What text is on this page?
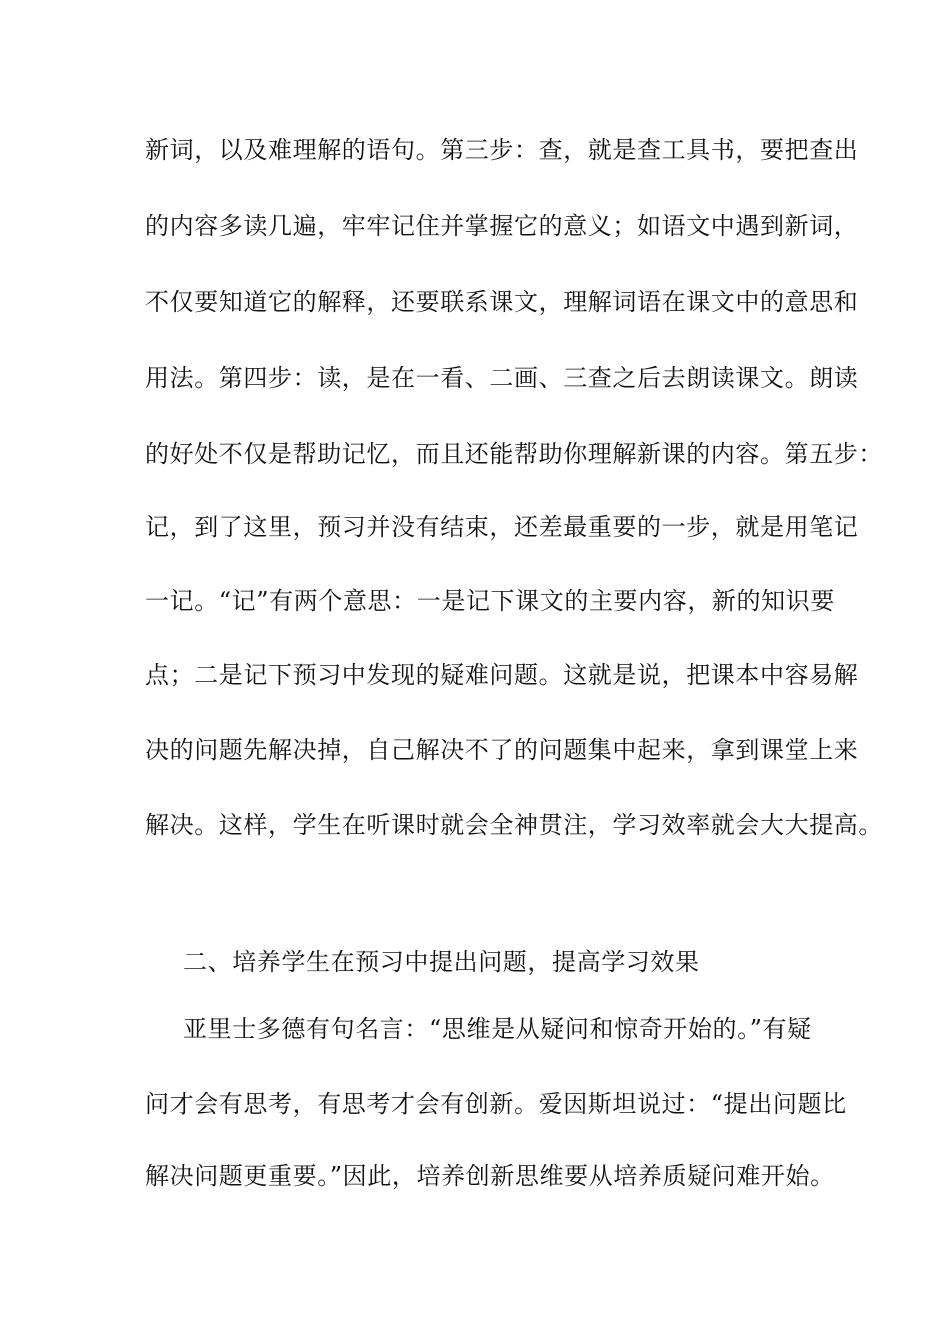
新词，以及难理解的语句。第三步：查，就是查工具书，要把查出
的内容多读几遍，牢牢记住并掌握它的意义；如语文中遇到新词，
不仅要知道它的解释，还要联系课文，理解词语在课文中的意思和
用法。第四步：读，是在一看、二画、三查之后去朗读课文。朗读
的好处不仅是帮助记忆，而且还能帮助你理解新课的内容。第五步：
记，到了这里，预习并没有结束，还差最重要的一步，就是用笔记
一记。“记”有两个意思：一是记下课文的主要内容，新的知识要
点；二是记下预习中发现的疑难问题。这就是说，把课本中容易解
决的问题先解决掉，自己解决不了的问题集中起来，拿到课堂上来
解决。这样，学生在听课时就会全神贯注，学习效率就会大大提高。
二、培养学生在预习中提出问题，提高学习效果
亚里士多德有句名言：“思维是从疑问和惊奇开始的。”有疑
问才会有思考，有思考才会有创新。爱因斯坦说过：“提出问题比
解决问题更重要。”因此，培养创新思维要从培养质疑问难开始。
